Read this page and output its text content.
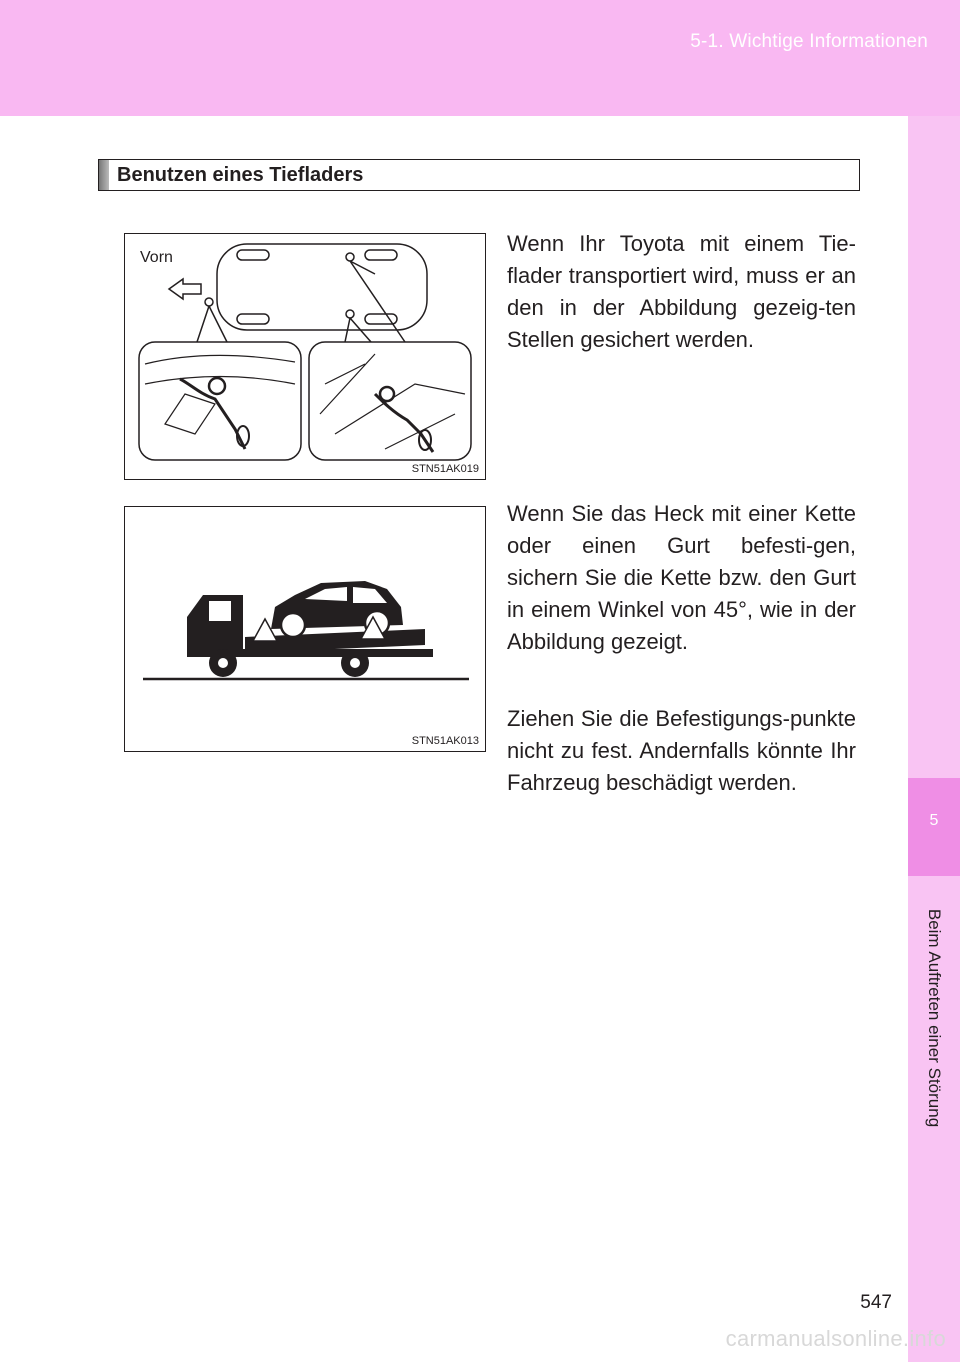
5-1. Wichtige Informationen
5
Beim Auftreten einer Störung
Benutzen eines Tiefladers
Vorn
STN51AK019
STN51AK013

Wenn Ihr Toyota mit einem Tie-flader transportiert wird, muss er an den in der Abbildung gezeig-ten Stellen gesichert werden.

Wenn Sie das Heck mit einer Kette oder einen Gurt befesti-gen, sichern Sie die Kette bzw. den Gurt in einem Winkel von 45°, wie in der Abbildung gezeigt.

Ziehen Sie die Befestigungs-punkte nicht zu fest. Andernfalls könnte Ihr Fahrzeug beschädigt werden.

547
carmanualsonline.info
